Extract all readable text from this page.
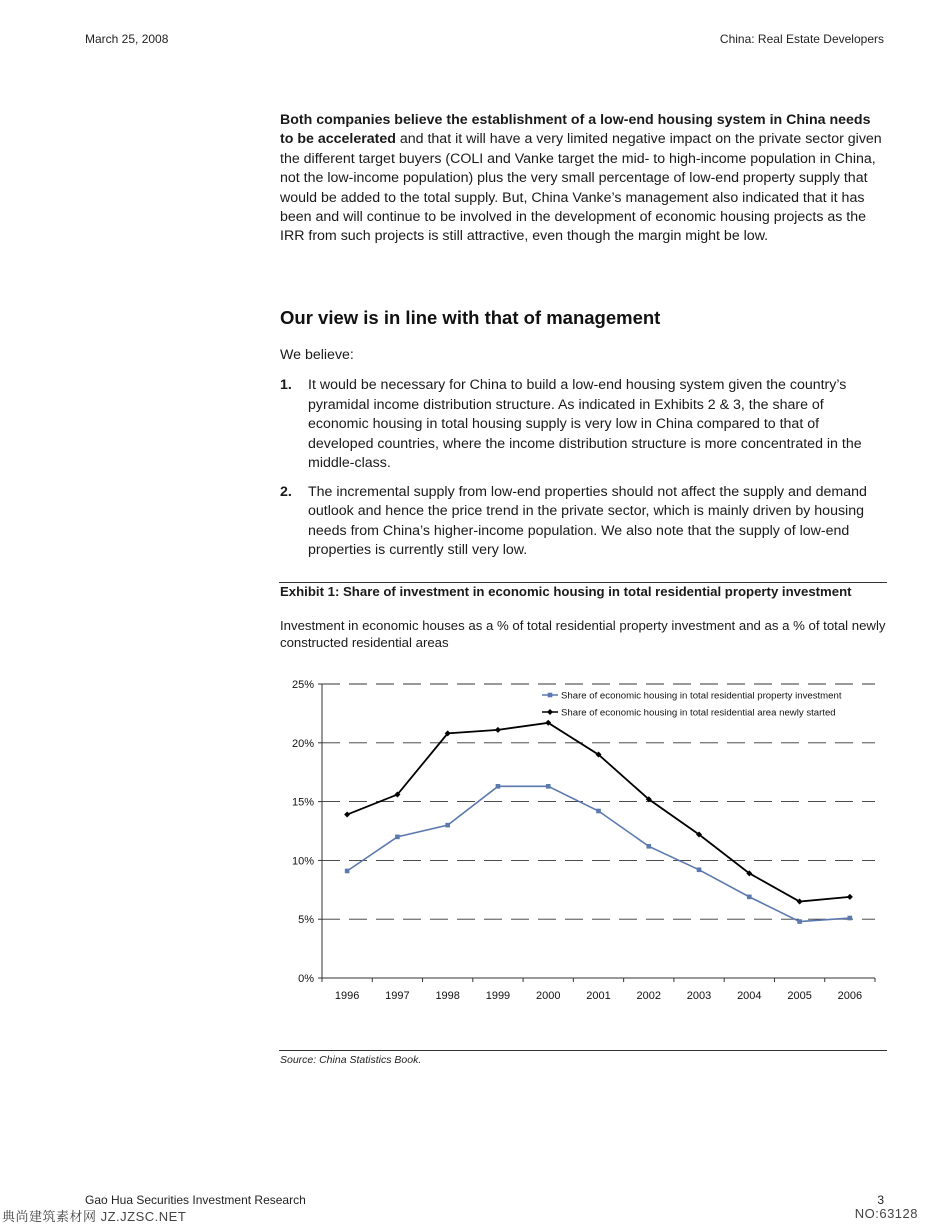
March 25, 2008	China: Real Estate Developers
Both companies believe the establishment of a low-end housing system in China needs to be accelerated and that it will have a very limited negative impact on the private sector given the different target buyers (COLI and Vanke target the mid- to high-income population in China, not the low-income population) plus the very small percentage of low-end property supply that would be added to the total supply. But, China Vanke’s management also indicated that it has been and will continue to be involved in the development of economic housing projects as the IRR from such projects is still attractive, even though the margin might be low.
Our view is in line with that of management
We believe:
1. It would be necessary for China to build a low-end housing system given the country’s pyramidal income distribution structure. As indicated in Exhibits 2 & 3, the share of economic housing in total housing supply is very low in China compared to that of developed countries, where the income distribution structure is more concentrated in the middle-class.
2. The incremental supply from low-end properties should not affect the supply and demand outlook and hence the price trend in the private sector, which is mainly driven by housing needs from China’s higher-income population. We also note that the supply of low-end properties is currently still very low.
Exhibit 1: Share of investment in economic housing in total residential property investment
Investment in economic houses as a % of total residential property investment and as a % of total newly constructed residential areas
0%
5%
10%
15%
20%
25%
1996 1997 1998 1999 2000 2001 2002 2003 2004 2005 2006
Share of economic housing in total residential property investment
Share of economic housing in total residential area newly started
Source: China Statistics Book.
Gao Hua Securities Investment Research	3
典尚建筑素材网 JZ.JZSC.NET	NO:63128
